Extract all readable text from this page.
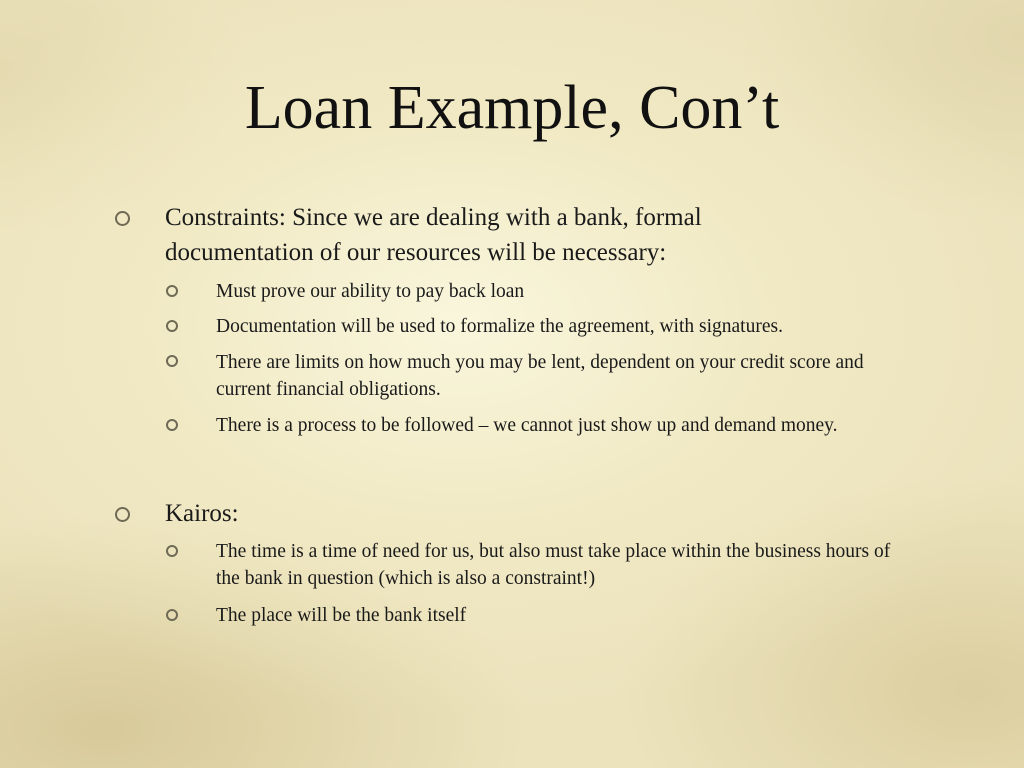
Loan Example, Con’t
Constraints: Since we are dealing with a bank, formal documentation of our resources will be necessary:
Must prove our ability to pay back loan
Documentation will be used to formalize the agreement, with signatures.
There are limits on how much you may be lent, dependent on your credit score and current financial obligations.
There is a process to be followed – we cannot just show up and demand money.
Kairos:
The time is a time of need for us, but also must take place within the business hours of the bank in question (which is also a constraint!)
The place will be the bank itself
